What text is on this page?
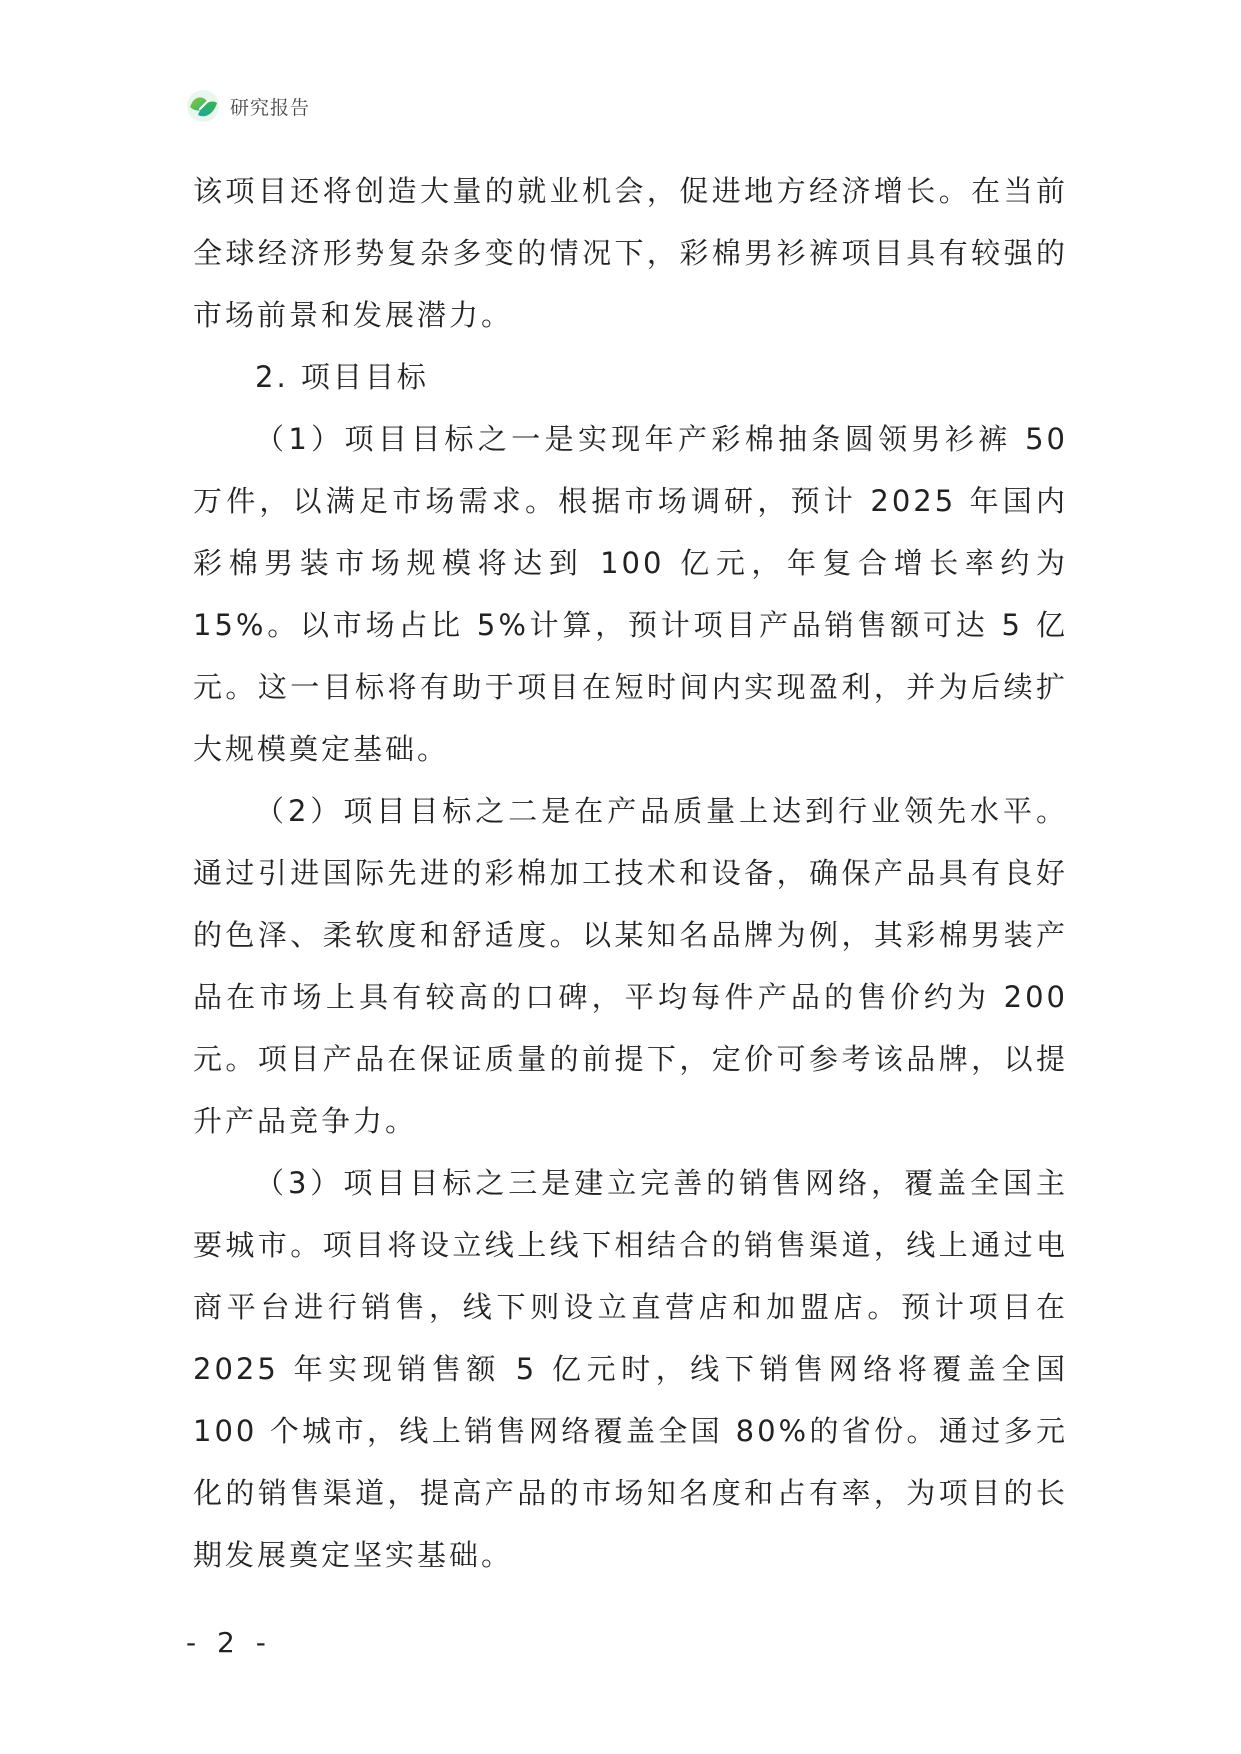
研究报告

该项目还将创造大量的就业机会，促进地方经济增长。在当前全球经济形势复杂多变的情况下，彩棉男衫裤项目具有较强的市场前景和发展潜力。

2. 项目目标

（1）项目目标之一是实现年产彩棉抽条圆领男衫裤 50 万件，以满足市场需求。根据市场调研，预计 2025 年国内彩棉男装市场规模将达到 100 亿元，年复合增长率约为 15%。以市场占比 5%计算，预计项目产品销售额可达 5 亿元。这一目标将有助于项目在短时间内实现盈利，并为后续扩大规模奠定基础。

（2）项目目标之二是在产品质量上达到行业领先水平。通过引进国际先进的彩棉加工技术和设备，确保产品具有良好的色泽、柔软度和舒适度。以某知名品牌为例，其彩棉男装产品在市场上具有较高的口碑，平均每件产品的售价约为 200 元。项目产品在保证质量的前提下，定价可参考该品牌，以提升产品竞争力。

（3）项目目标之三是建立完善的销售网络，覆盖全国主要城市。项目将设立线上线下相结合的销售渠道，线上通过电商平台进行销售，线下则设立直营店和加盟店。预计项目在 2025 年实现销售额 5 亿元时，线下销售网络将覆盖全国 100 个城市，线上销售网络覆盖全国 80%的省份。通过多元化的销售渠道，提高产品的市场知名度和占有率，为项目的长期发展奠定坚实基础。

- 2 -
